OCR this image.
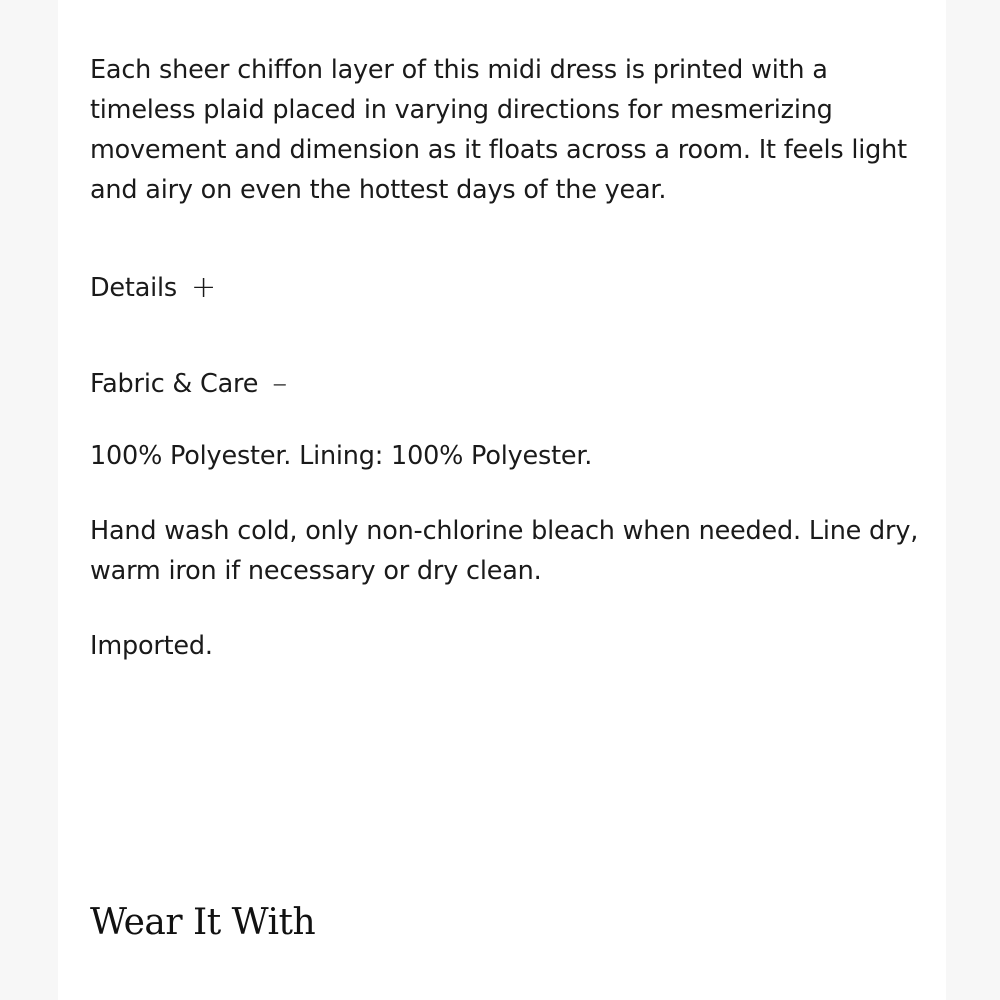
Each sheer chiffon layer of this midi dress is printed with a timeless plaid placed in varying directions for mesmerizing movement and dimension as it floats across a room. It feels light and airy on even the hottest days of the year.

Details +
Fabric & Care –

100% Polyester. Lining: 100% Polyester.

Hand wash cold, only non-chlorine bleach when needed. Line dry, warm iron if necessary or dry clean.

Imported.

Wear It With
